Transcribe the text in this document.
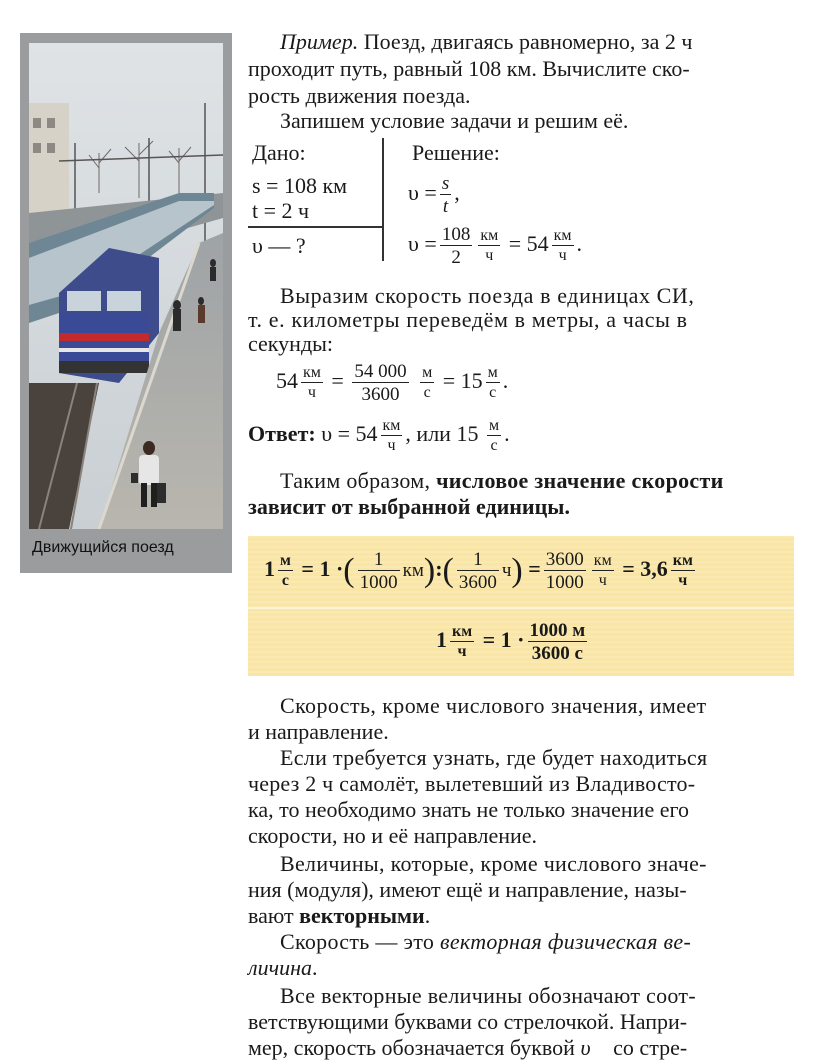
Движущийся поезд
Пример. Поезд, двигаясь равномерно, за 2 ч
проходит путь, равный 108 км. Вычислите ско-
рость движения поезда.
Запишем условие задачи и решим её.
Дано:	Решение:
s = 108 км
t = 2 ч
υ — ?
$\upsilon = \frac{s}{t}$ ,
$\upsilon = \frac{108}{2} \frac{км}{ч} = 54 \frac{км}{ч}$ .
Выразим скорость поезда в единицах СИ,
т. е. километры переведём в метры, а часы в
секунды:
$54 \frac{км}{ч} = \frac{54 000}{3600}$
$\frac{м}{с} = 15 \frac{м}{с}$ .
Ответ: $\upsilon = 54 \frac{км}{ч}$ , или $15 \frac{м}{с}$ .
Таким образом, числовое значение скорости
зависит от выбранной единицы.
$1 \frac{м}{с} = 1$ ·( $\frac{1}{1000}$ км):( $\frac{1}{3600} ч) = \frac{3600}{1000} \frac{км}{ч} = 3,6 \frac{км}{ч}$
$1 \frac{км}{ч} = 1 \cdot \frac{1000 м}{3600 с}$
Скорость, кроме числового значения, имеет
и направление.
Если требуется узнать, где будет находиться
через 2 ч самолёт, вылетевший из Владивосто-
ка, то необходимо знать не только значение его
скорости, но и её направление.
Величины, которые, кроме числового значе-
ния (модуля), имеют ещё и направление, назы-
вают векторными.
Скорость — это векторная физическая ве-
личина.
Все векторные величины обозначают соот-
ветствующими буквами со стрелочкой. Напри-
мер, скорость обозначается буквой υ⃗ со стре-
